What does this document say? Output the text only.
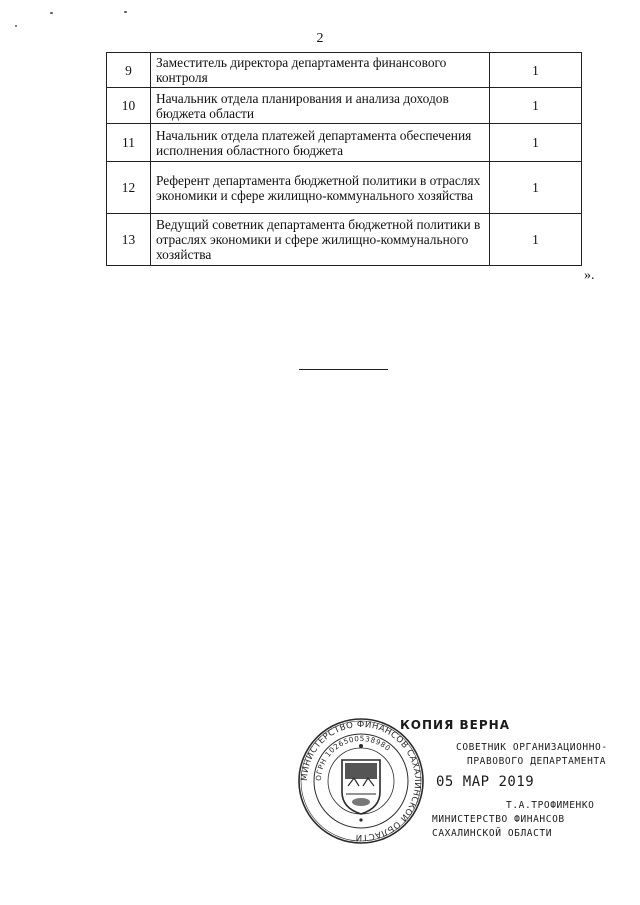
2
9	Заместитель директора департамента финансового контроля	1
10	Начальник отдела планирования и анализа доходов бюджета области	1
11	Начальник отдела платежей департамента обеспечения исполнения областного бюджета	1
12	Референт департамента бюджетной политики в отраслях экономики и сфере жилищно-коммунального хозяйства	1
13	Ведущий советник департамента бюджетной политики в отраслях экономики и сфере жилищно-коммунального хозяйства	1
».
МИНИСТЕРСТВО ФИНАНСОВ САХАЛИНСКОЙ ОБЛАСТИ
ОГРН 1026500538980
КОПИЯ ВЕРНА
СОВЕТНИК ОРГАНИЗАЦИОННО-
ПРАВОВОГО ДЕПАРТАМЕНТА
05 МАР 2019
Т.А.ТРОФИМЕНКО
МИНИСТЕРСТВО ФИНАНСОВ
САХАЛИНСКОЙ ОБЛАСТИ
